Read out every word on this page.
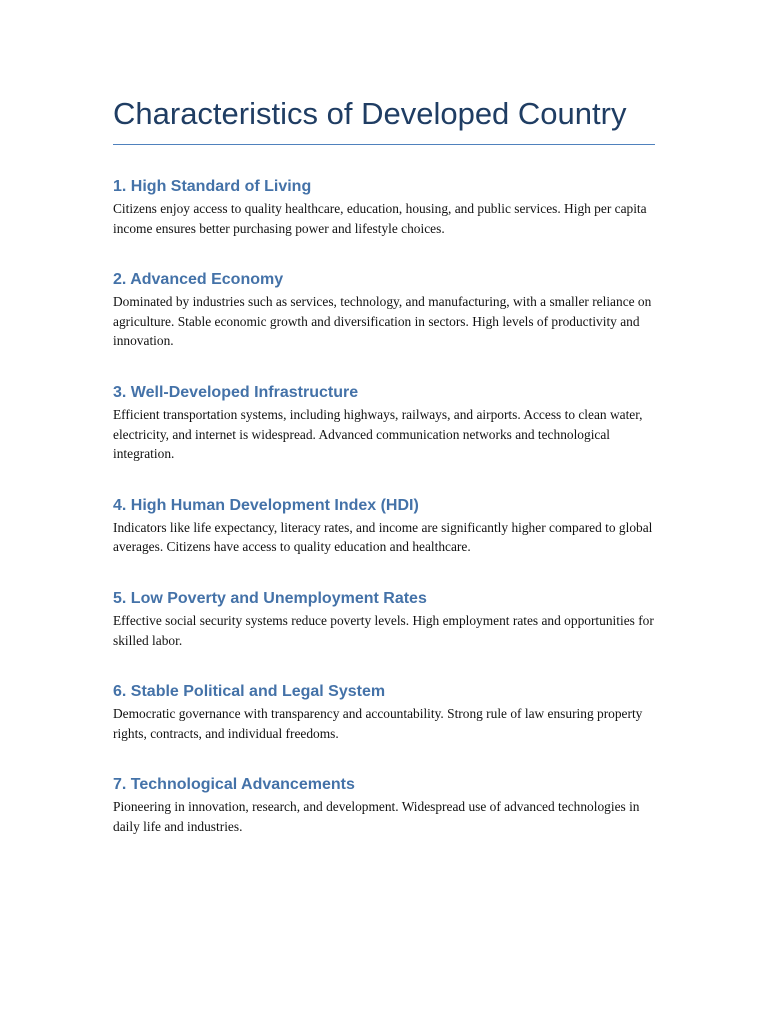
Characteristics of Developed Country
1. High Standard of Living

Citizens enjoy access to quality healthcare, education, housing, and public services. High per capita income ensures better purchasing power and lifestyle choices.

2. Advanced Economy

Dominated by industries such as services, technology, and manufacturing, with a smaller reliance on agriculture. Stable economic growth and diversification in sectors. High levels of productivity and innovation.

3. Well-Developed Infrastructure

Efficient transportation systems, including highways, railways, and airports. Access to clean water, electricity, and internet is widespread. Advanced communication networks and technological integration.

4. High Human Development Index (HDI)

Indicators like life expectancy, literacy rates, and income are significantly higher compared to global averages. Citizens have access to quality education and healthcare.

5. Low Poverty and Unemployment Rates

Effective social security systems reduce poverty levels. High employment rates and opportunities for skilled labor.

6. Stable Political and Legal System

Democratic governance with transparency and accountability. Strong rule of law ensuring property rights, contracts, and individual freedoms.

7. Technological Advancements

Pioneering in innovation, research, and development. Widespread use of advanced technologies in daily life and industries.
